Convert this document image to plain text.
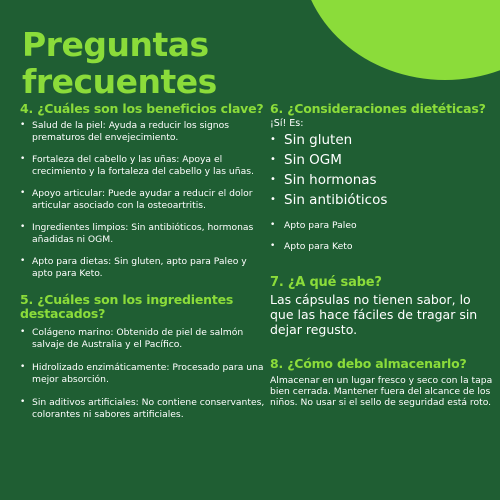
Preguntas
frecuentes
4. ¿Cuáles son los beneficios clave?
• Salud de la piel: Ayuda a reducir los signos prematuros del envejecimiento.
• Fortaleza del cabello y las uñas: Apoya el crecimiento y la fortaleza del cabello y las uñas.
• Apoyo articular: Puede ayudar a reducir el dolor articular asociado con la osteoartritis.
• Ingredientes limpios: Sin antibióticos, hormonas añadidas ni OGM.
• Apto para dietas: Sin gluten, apto para Paleo y apto para Keto.
5. ¿Cuáles son los ingredientes destacados?
• Colágeno marino: Obtenido de piel de salmón salvaje de Australia y el Pacífico.
• Hidrolizado enzimáticamente: Procesado para una mejor absorción.
• Sin aditivos artificiales: No contiene conservantes, colorantes ni sabores artificiales.
6. ¿Consideraciones dietéticas?
¡Sí! Es:
• Sin gluten
• Sin OGM
• Sin hormonas
• Sin antibióticos
• Apto para Paleo
• Apto para Keto
7. ¿A qué sabe?

Las cápsulas no tienen sabor, lo que las hace fáciles de tragar sin dejar regusto.

8. ¿Cómo debo almacenarlo?

Almacenar en un lugar fresco y seco con la tapa bien cerrada. Mantener fuera del alcance de los niños. No usar si el sello de seguridad está roto.
